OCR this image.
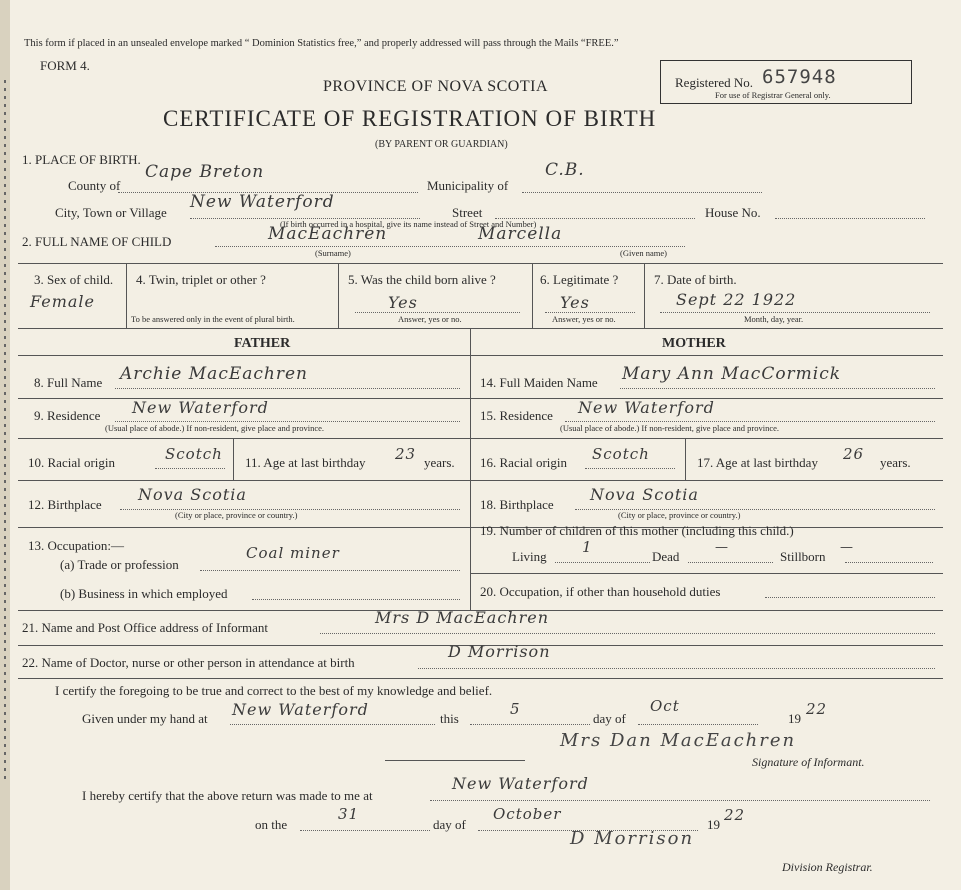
This form if placed in an unsealed envelope marked “ Dominion Statistics free,” and properly addressed will pass through the Mails “FREE.”
FORM 4.
PROVINCE OF NOVA SCOTIA
CERTIFICATE OF REGISTRATION OF BIRTH
(BY PARENT OR GUARDIAN)
Registered No. 657948
For use of Registrar General only.
1. PLACE OF BIRTH.
County of
Cape Breton
Municipality of
C.B.
City, Town or Village
New Waterford
Street	House No.
(If birth occurred in a hospital, give its name instead of Street and Number)
2. FULL NAME OF CHILD	MacEachren	Marcella
(Surname)	(Given name)
3. Sex of child.
Female
4. Twin, triplet or other ?
To be answered only in the event of plural birth.
5. Was the child born alive ?
Yes
Answer, yes or no.
6. Legitimate ?
Yes
Answer, yes or no.
7. Date of birth.
Sept 22 1922
Month, day, year.
FATHER	MOTHER
8. Full Name Archie MacEachren
9. Residence New Waterford
(Usual place of abode.) If non-resident, give place and province.
10. Racial origin	Scotch 11. Age at last birthday 23 years.
12. Birthplace
Nova Scotia
(City or place, province or country.)
13. Occupation:—
(a) Trade or profession
Coal miner
(b) Business in which employed
14. Full Maiden Name Mary Ann MacCormick
15. Residence New Waterford
(Usual place of abode.) If non-resident, give place and province.
16. Racial origin Scotch	17. Age at last birthday 26 years.
18. Birthplace
Nova Scotia
(City or place, province or country.)
19. Number of children of this mother (including this child.)
Living
1
Dead
—
Stillborn
—
20. Occupation, if other than household duties
21. Name and Post Office address of Informant
Mrs D MacEachren
22. Name of Doctor, nurse or other person in attendance at birth
D Morrison
I certify the foregoing to be true and correct to the best of my knowledge and belief.
Given under my hand at New Waterford	this
5
day of
Oct
19
22
Mrs Dan MacEachren
Signature of Informant.
I hereby certify that the above return was made to me at
New Waterford
on the
31
day of
October
19
22
D Morrison
Division Registrar.
